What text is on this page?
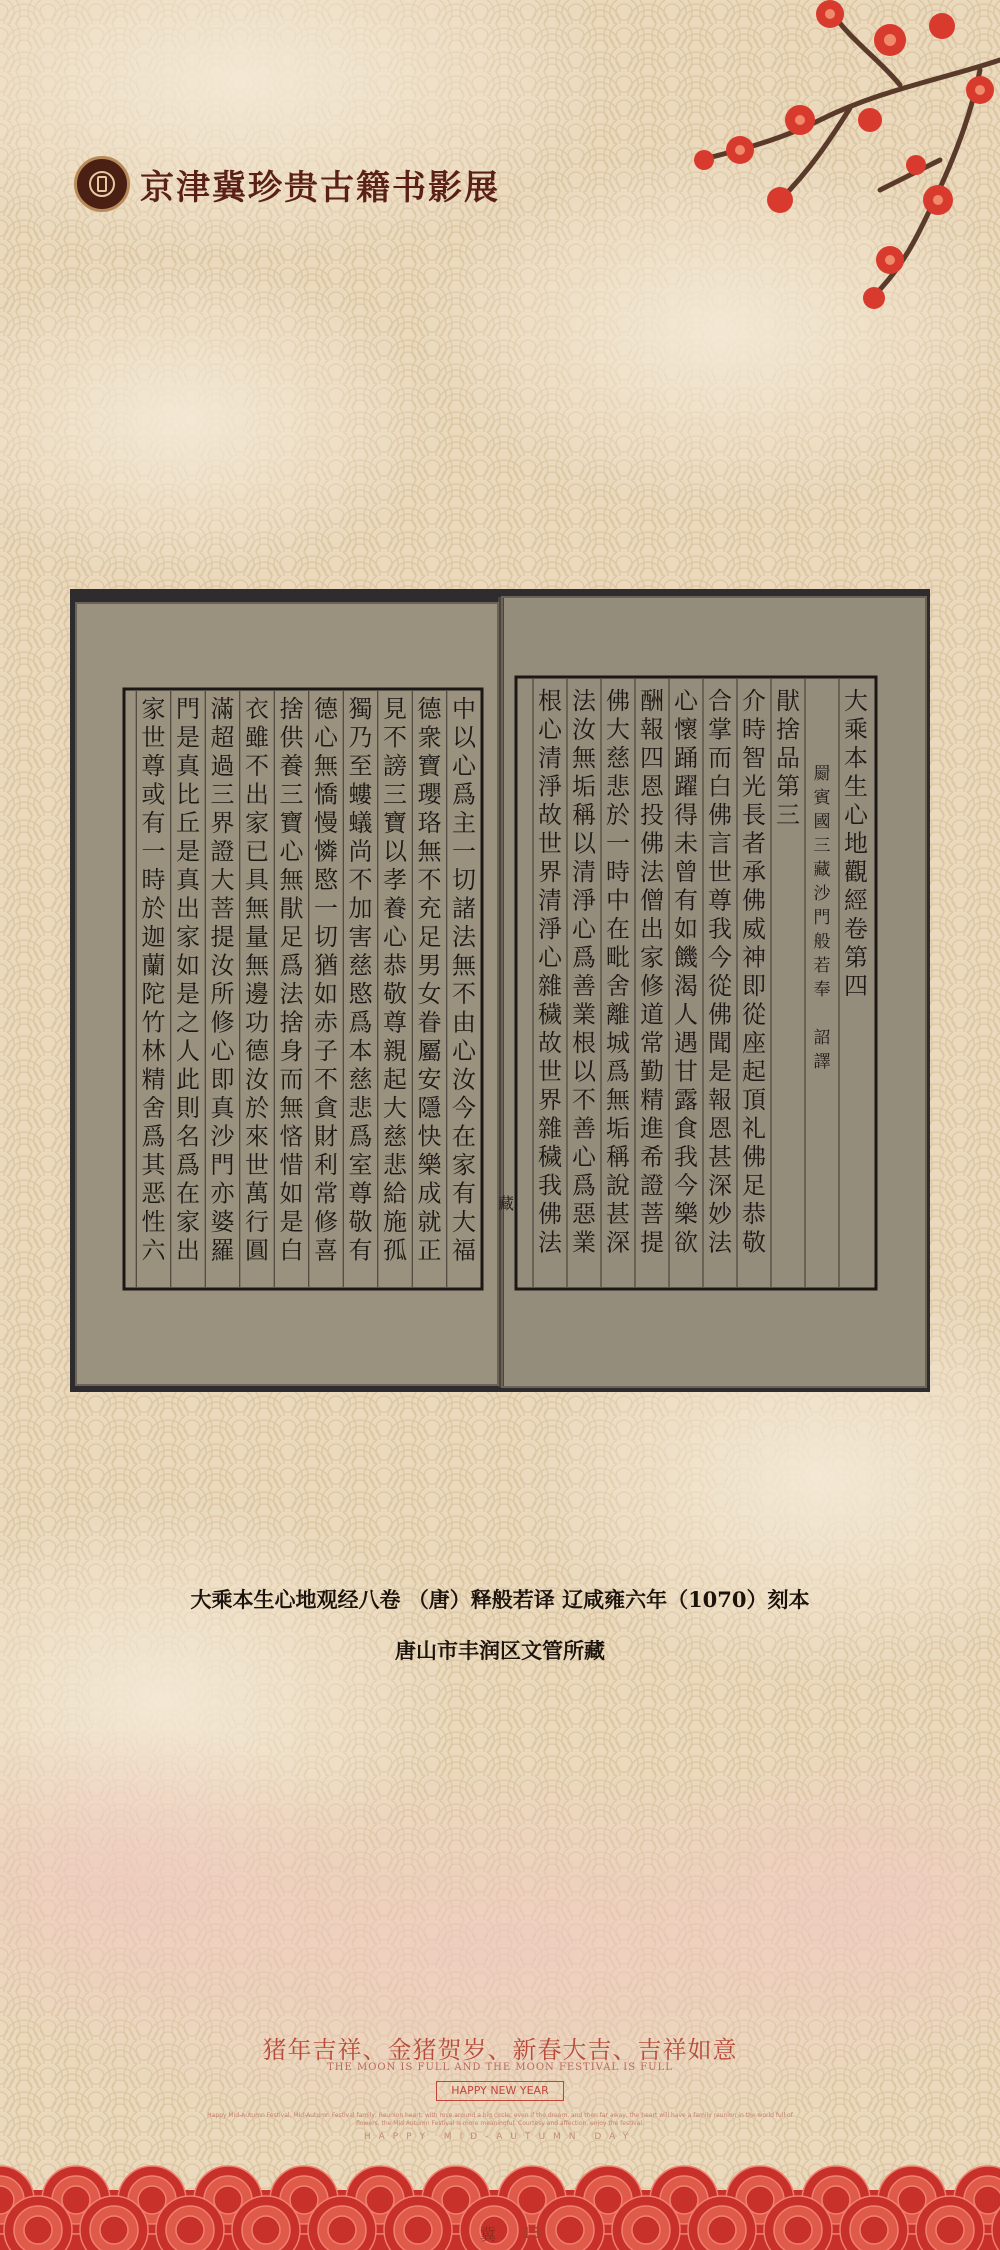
京津冀珍贵古籍书影展
大
乘
本
生
心
地
觀
經
卷
第
四
罽
賓
國
三
藏
沙
門
般
若
奉

詔
譯
猒
捨
品
第
三
介
時
智
光
長
者
承
佛
威
神
即
從
座
起
頂
礼
佛
足
恭
敬
合
掌
而
白
佛
言
世
尊
我
今
從
佛
聞
是
報
恩
甚
深
妙
法
心
懷
踊
躍
得
未
曾
有
如
饑
渴
人
遇
甘
露
食
我
今
樂
欲
酬
報
四
恩
投
佛
法
僧
出
家
修
道
常
勤
精
進
希
證
菩
提
佛
大
慈
悲
於
一
時
中
在
毗
舍
離
城
爲
無
垢
稱
說
甚
深
法
汝
無
垢
稱
以
清
淨
心
爲
善
業
根
以
不
善
心
爲
惡
業
根
心
清
淨
故
世
界
清
淨
心
雜
穢
故
世
界
雜
穢
我
佛
法
中
以
心
爲
主
一
切
諸
法
無
不
由
心
汝
今
在
家
有
大
福
德
衆
寶
瓔
珞
無
不
充
足
男
女
眷
屬
安
隱
快
樂
成
就
正
見
不
謗
三
寶
以
孝
養
心
恭
敬
尊
親
起
大
慈
悲
給
施
孤
獨
乃
至
螻
蟻
尚
不
加
害
慈
愍
爲
本
慈
悲
爲
室
尊
敬
有
德
心
無
憍
慢
憐
愍
一
切
猶
如
赤
子
不
貪
財
利
常
修
喜
捨
供
養
三
寶
心
無
猒
足
爲
法
捨
身
而
無
悋
惜
如
是
白
衣
雖
不
出
家
已
具
無
量
無
邊
功
德
汝
於
來
世
萬
行
圓
滿
超
過
三
界
證
大
菩
提
汝
所
修
心
即
真
沙
門
亦
婆
羅
門
是
真
比
丘
是
真
出
家
如
是
之
人
此
則
名
爲
在
家
出
家
世
尊
或
有
一
時
於
迦
蘭
陀
竹
林
精
舍
爲
其
恶
性
六
藏
大乘本生心地观经八卷 （唐）释般若译 辽咸雍六年（1070）刻本
唐山市丰润区文管所藏
猪年吉祥、金猪贺岁、新春大吉、吉祥如意
THE MOON IS FULL AND THE MOON FESTIVAL IS FULL
HAPPY NEW YEAR
Happy Mid-Autumn Festival, Mid-Autumn Festival family, Reunion heart, with rose around a big circle, even if the dream, and then far away, the heart will have a family reunion in the world full of flowers, the Mid Autumn Festival is more meaningful. Courtesy and affection, enjoy the festival.
HAPPY MID-AUTUMN DAY
冀 13
